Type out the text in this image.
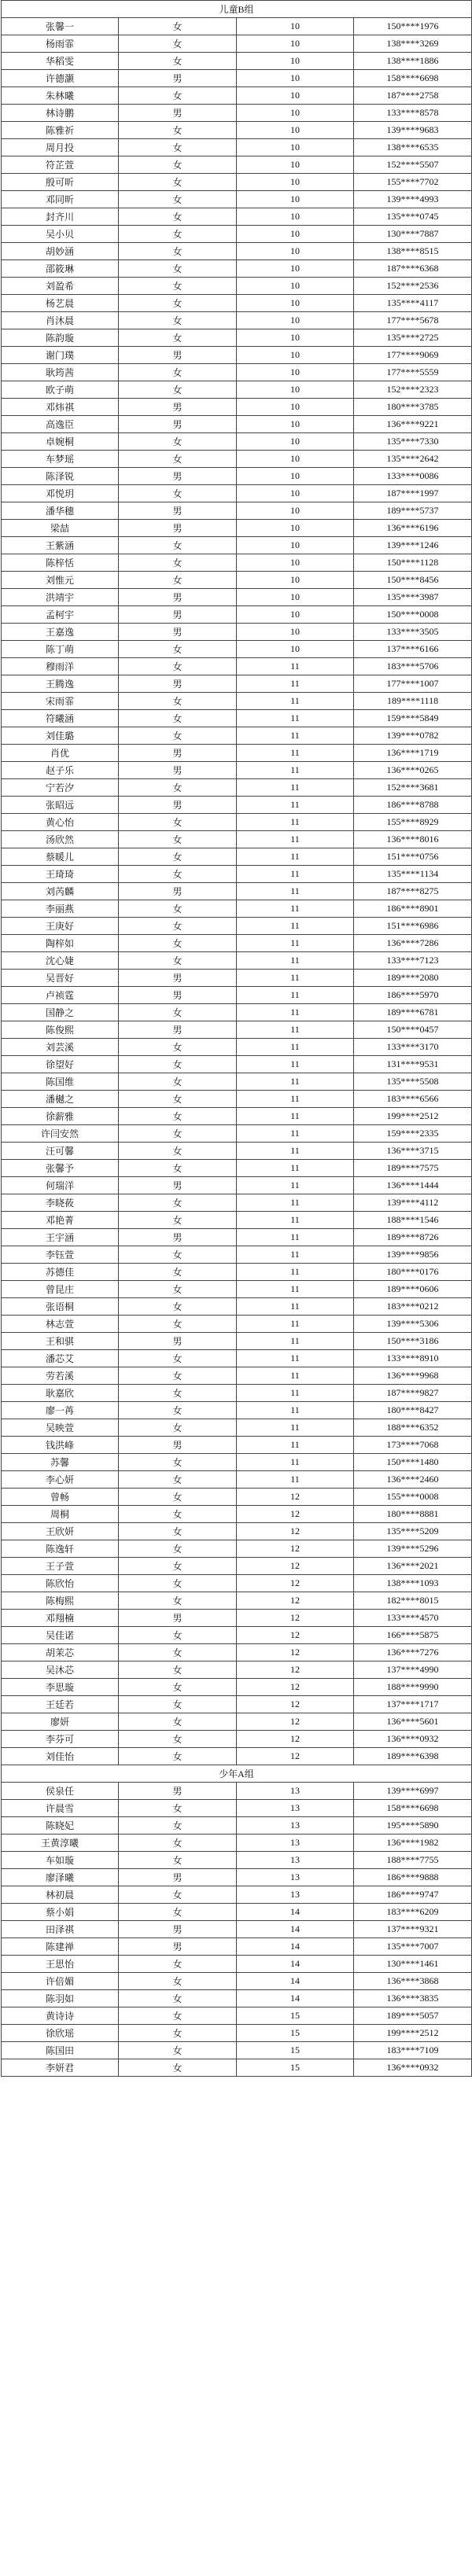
儿童B组			
张馨一	女	10	150****1976
杨雨霏	女	10	138****3269
华稻雯	女	10	138****1886
许德灏	男	10	158****6698
朱林曦	女	10	187****2758
林诗鹏	男	10	133****8578
陈雅祈	女	10	139****9683
周月投	女	10	138****6535
符芷萱	女	10	152****5507
殷可昕	女	10	155****7702
邓同昕	女	10	139****4993
封齐川	女	10	135****0745
吴小贝	女	10	130****7887
胡妙涵	女	10	138****8515
邵筱琳	女	10	187****6368
刘盈希	女	10	152****2536
杨艺晨	女	10	135****4117
肖沐晨	女	10	177****5678
陈韵璇	女	10	135****2725
谢门璞	男	10	177****9069
耿筠茜	女	10	177****5559
欧子萌	女	10	152****2323
邓炜祺	男	10	180****3785
高逸臣	男	10	136****9221
卓婉桐	女	10	135****7330
车梦瑶	女	10	135****2642
陈泽锐	男	10	133****0086
邓悦玥	女	10	187****1997
潘华穗	男	10	189****5737
梁喆	男	10	136****6196
王紫涵	女	10	139****1246
陈梓恬	女	10	150****1128
刘惟元	女	10	150****8456
洪靖宇	男	10	135****3987
孟柯宇	男	10	150****0008
王嘉逸	男	10	133****3505
陈丁萌	女	10	137****6166
穆雨洋	女	11	183****5706
王腾逸	男	11	177****1007
宋雨霏	女	11	189****1118
符曦涵	女	11	159****5849
刘佳璐	女	11	139****0782
肖优	男	11	136****1719
赵子乐	男	11	136****0265
宁若汐	女	11	152****3681
张昭远	男	11	186****8788
黄心怡	女	11	155****8929
汤欣然	女	11	136****8016
蔡暖儿	女	11	151****0756
王琦琦	女	11	135****1134
刘芮麟	男	11	187****8275
李丽燕	女	11	186****8901
王庚好	女	11	151****6986
陶梓如	女	11	136****7286
沈心婕	女	11	133****7123
吴晋好	男	11	189****2080
卢祯霆	男	11	186****5970
国静之	女	11	189****6781
陈俊熙	男	11	150****0457
刘芸溪	女	11	133****3170
徐望好	女	11	131****9531
陈国维	女	11	135****5508
潘樾之	女	11	183****6566
徐薪雅	女	11	199****2512
许闫安然	女	11	159****2335
汪可馨	女	11	136****3715
张馨予	女	11	189****7575
何瑞洋	男	11	136****1444
李晓莜	女	11	139****4112
邓艳菁	女	11	188****1546
王宇涵	男	11	189****8726
李钰萱	女	11	139****9856
苏德佳	女	11	180****0176
曾昆庄	女	11	189****0606
张语桐	女	11	183****0212
林志萱	女	11	139****5306
王和骐	男	11	150****3186
潘芯艾	女	11	133****8910
劳若溪	女	11	136****9968
耿嘉欣	女	11	187****9827
廖一苒	女	11	180****8427
吴映萱	女	11	188****6352
钱洪峰	男	11	173****7068
苏馨	女	11	150****1480
李心妍	女	11	136****2460
曾畅	女	12	155****0008
周桐	女	12	180****8881
王欣妍	女	12	135****5209
陈逸轩	女	12	139****5296
王子萱	女	12	136****2021
陈欣怡	女	12	138****1093
陈梅熙	女	12	182****8015
邓翔楠	男	12	133****4570
吴佳诺	女	12	166****5875
胡茉芯	女	12	136****7276
吴沐芯	女	12	137****4990
李思璇	女	12	188****9990
王廷若	女	12	137****1717
廖妍	女	12	136****5601
李芬可	女	12	136****0932
刘佳怡	女	12	189****6398
少年A组			
侯泉任	男	13	139****6997
许晨雪	女	13	158****6698
陈晓妃	女	13	195****5890
王黄淳曦	女	13	136****1982
车如璇	女	13	188****7755
廖泽曦	男	13	186****9888
林初晨	女	13	186****9747
蔡小娟	女	14	183****6209
田泽祺	男	14	137****9321
陈建禅	男	14	135****7007
王思怡	女	14	130****1461
许倍媚	女	14	136****3868
陈羽如	女	14	136****3835
黄诗诗	女	15	189****5057
徐欣瑶	女	15	199****2512
陈国田	女	15	183****7109
李妍君	女	15	136****0932
